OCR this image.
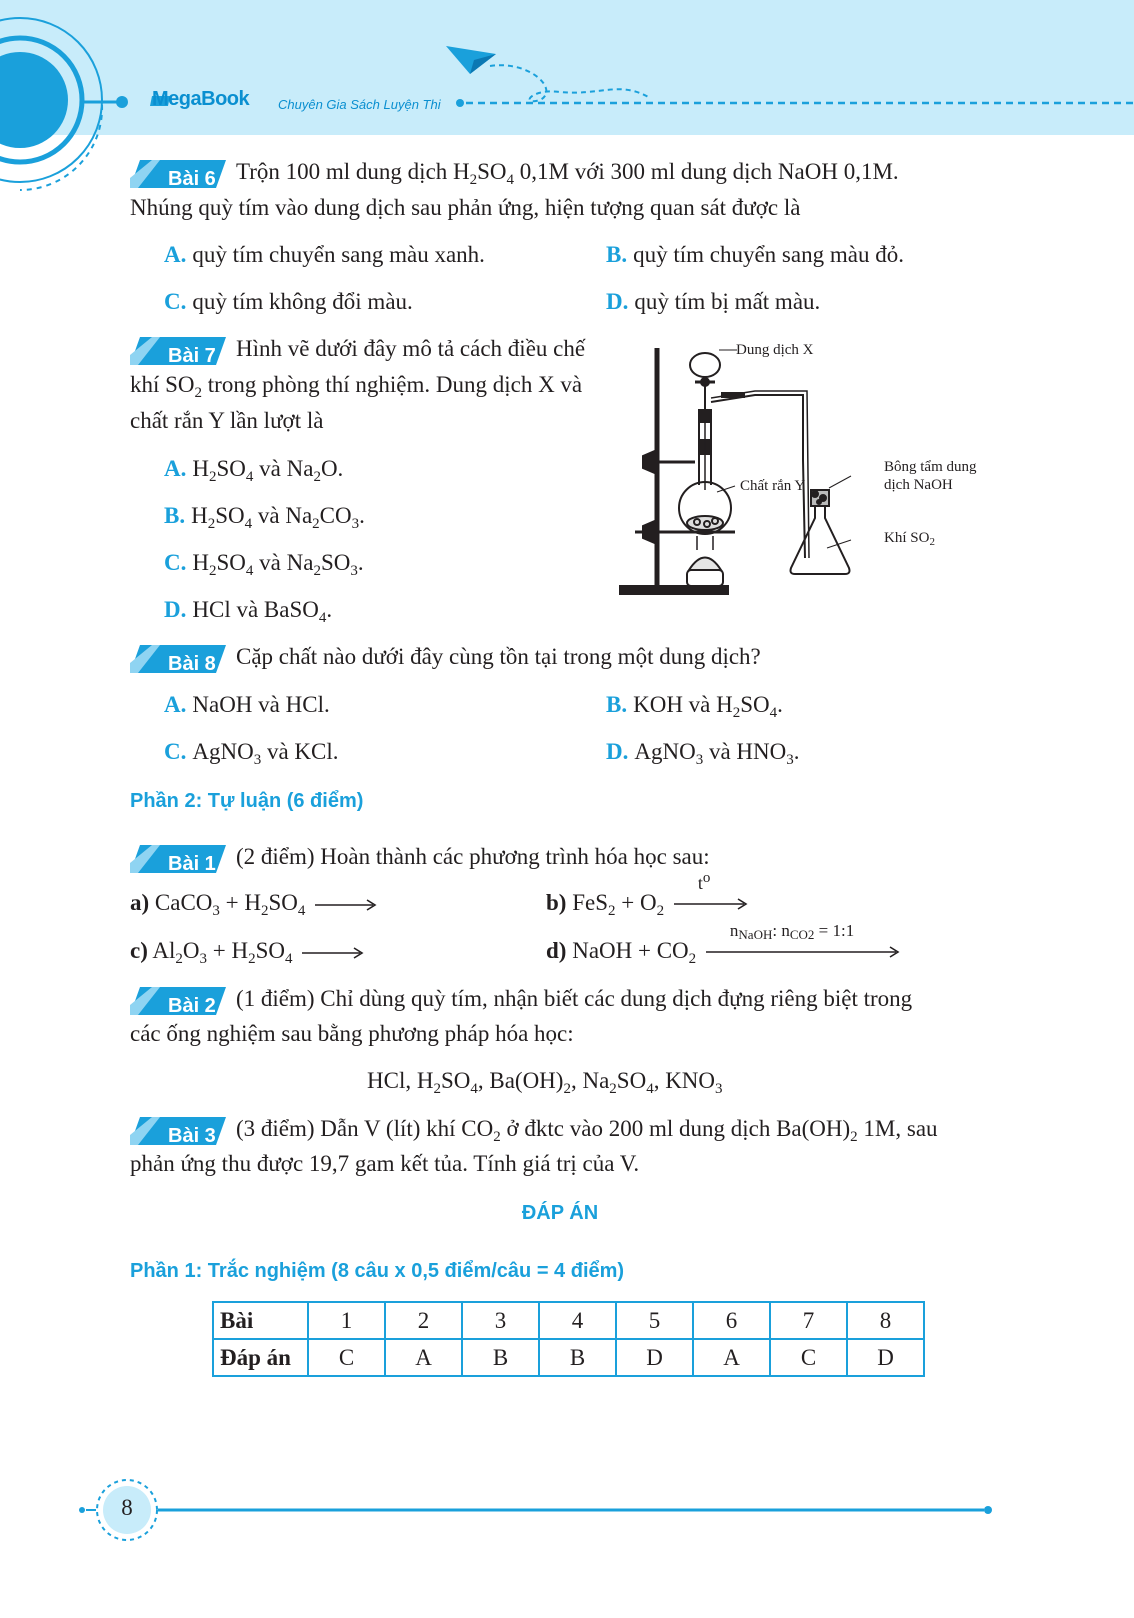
MegaBook Chuyên Gia Sách Luyện Thi
Bài 6 Trộn 100 ml dung dịch $H_2SO_4$ 0,1M với 300 ml dung dịch NaOH 0,1M.
Nhúng quỳ tím vào dung dịch sau phản ứng, hiện tượng quan sát được là
A. quỳ tím chuyển sang màu xanh.	B. quỳ tím chuyển sang màu đỏ.
C. quỳ tím không đổi màu.	D. quỳ tím bị mất màu.
Bài 7 Hình vẽ dưới đây mô tả cách điều chế
khí $SO_2$ trong phòng thí nghiệm. Dung dịch X và
chất rắn Y lần lượt là
A. $H_2SO_4$ và $Na_2O$.
B. $H_2SO_4$ và $Na_2CO_3$.
C. $H_2SO_4$ và $Na_2SO_3$.
D. HCl và BaSO$_4$.
Dung dịch X
Chất rắn Y
Bông tẩm dung
dịch NaOH
Khí $SO_2$
Bài 8 Cặp chất nào dưới đây cùng tồn tại trong một dung dịch?
A. NaOH và HCl.	B. KOH và $H_2SO_4$.
C. AgNO$_3$ và KCl.	D. AgNO$_3$ và $HNO_3$.
Phần 2: Tự luận (6 điểm)
Bài 1 (2 điểm) Hoàn thành các phương trình hóa học sau:
a) CaCO$_3$ + $H_2SO_4$	b) $FeS_2 + O_2$
$t^o$
c) $Al_2O_3 + H_2SO_4$	d) NaOH + $CO_2$
$n_{NaOH}$: $n_{CO2}$ = 1:1
Bài 2 (1 điểm) Chỉ dùng quỳ tím, nhận biết các dung dịch đựng riêng biệt trong
các ống nghiệm sau bằng phương pháp hóa học:
HCl, $H_2SO_4$, $Ba(OH)_2$, $Na_2SO_4$, $KNO_3$
Bài 3 (3 điểm) Dẫn V (lít) khí $CO_2$ ở đktc vào 200 ml dung dịch $Ba(OH)_2$ 1M, sau
phản ứng thu được 19,7 gam kết tủa. Tính giá trị của V.
ĐÁP ÁN
Phần 1: Trắc nghiệm (8 câu x 0,5 điểm/câu = 4 điểm)
Bài	1	2	3	4	5	6	7	8
Đáp án	C	A	B	B	D	A	C	D
8
